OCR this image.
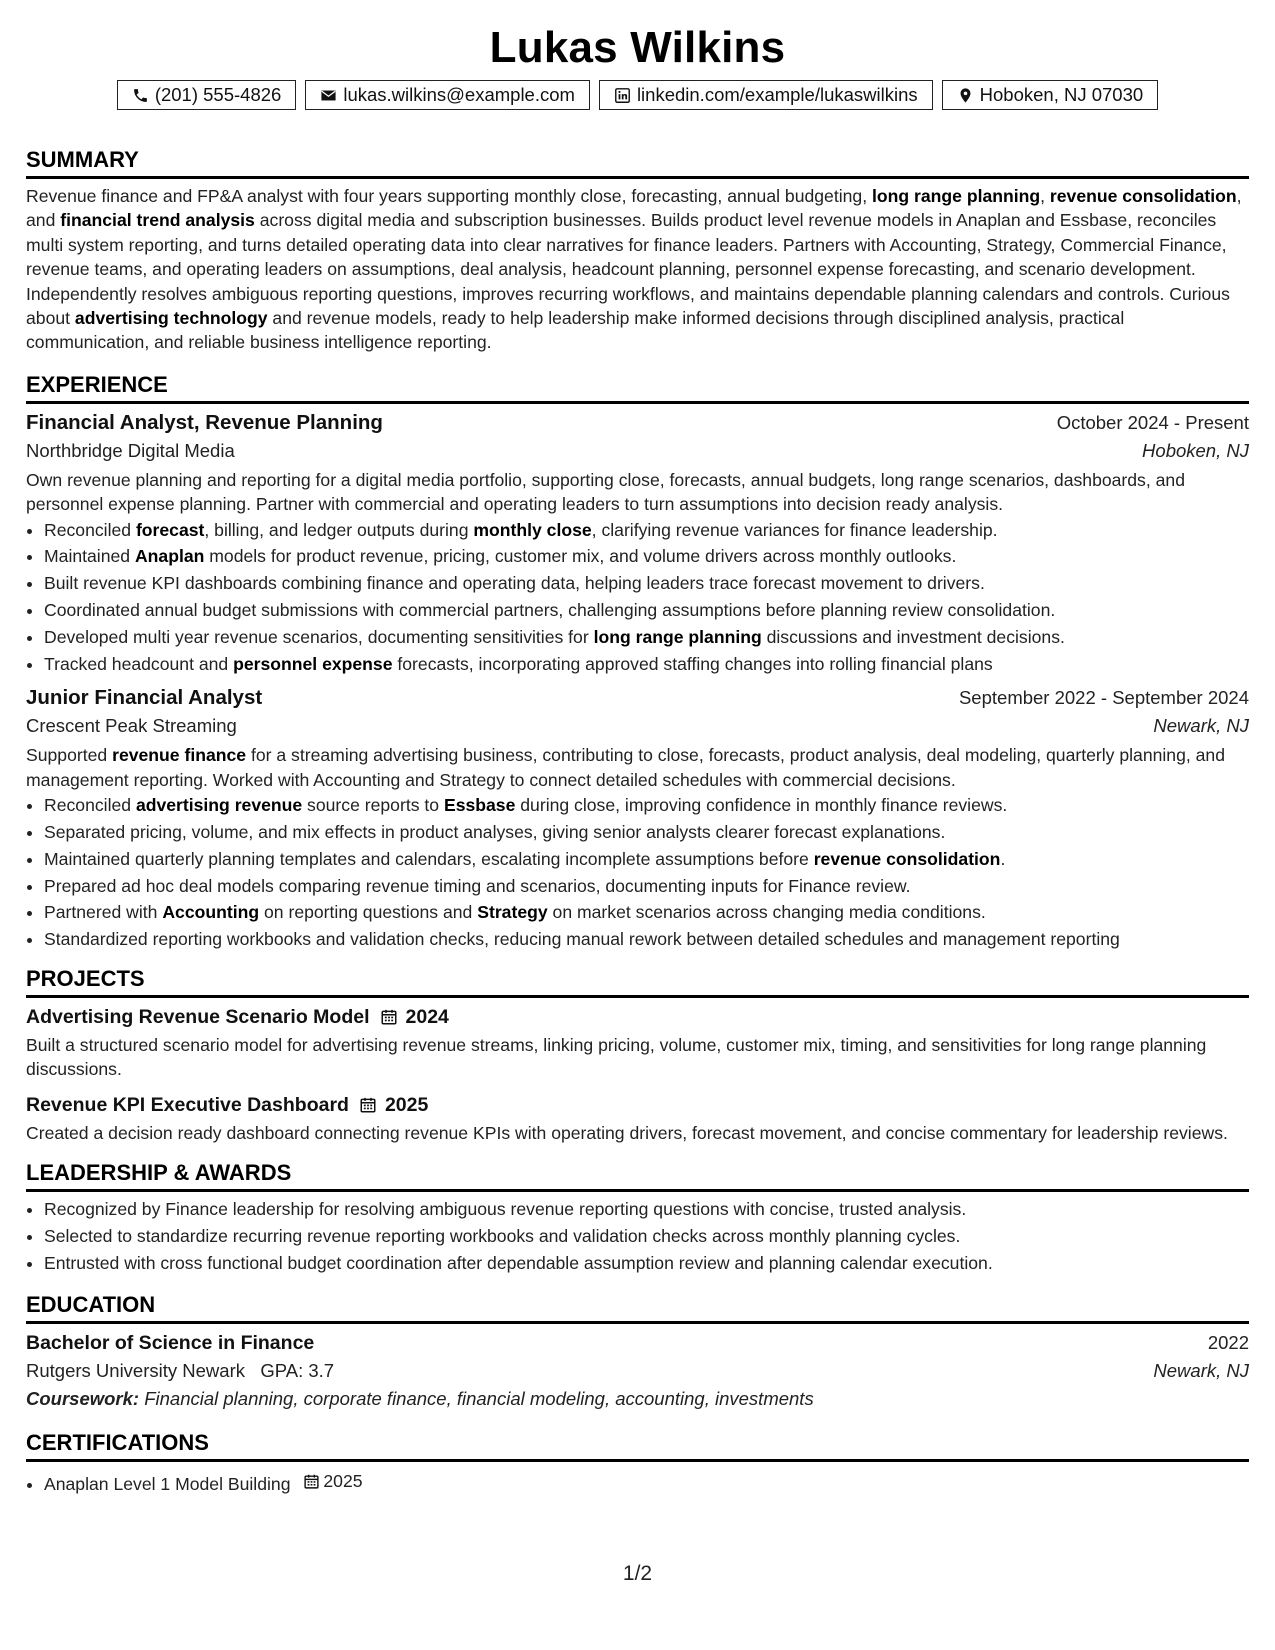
Lukas Wilkins
(201) 555-4826	lukas.wilkins@example.com	linkedin.com/example/lukaswilkins	Hoboken, NJ 07030
SUMMARY
Revenue finance and FP&A analyst with four years supporting monthly close, forecasting, annual budgeting, long range planning, revenue consolidation, and financial trend analysis across digital media and subscription businesses. Builds product level revenue models in Anaplan and Essbase, reconciles multi system reporting, and turns detailed operating data into clear narratives for finance leaders. Partners with Accounting, Strategy, Commercial Finance, revenue teams, and operating leaders on assumptions, deal analysis, headcount planning, personnel expense forecasting, and scenario development. Independently resolves ambiguous reporting questions, improves recurring workflows, and maintains dependable planning calendars and controls. Curious about advertising technology and revenue models, ready to help leadership make informed decisions through disciplined analysis, practical communication, and reliable business intelligence reporting.
EXPERIENCE
Financial Analyst, Revenue Planning	October 2024 - Present
Northbridge Digital Media	Hoboken, NJ
Own revenue planning and reporting for a digital media portfolio, supporting close, forecasts, annual budgets, long range scenarios, dashboards, and personnel expense planning. Partner with commercial and operating leaders to turn assumptions into decision ready analysis.
• Reconciled forecast, billing, and ledger outputs during monthly close, clarifying revenue variances for finance leadership.
• Maintained Anaplan models for product revenue, pricing, customer mix, and volume drivers across monthly outlooks.
• Built revenue KPI dashboards combining finance and operating data, helping leaders trace forecast movement to drivers.
• Coordinated annual budget submissions with commercial partners, challenging assumptions before planning review consolidation.
• Developed multi year revenue scenarios, documenting sensitivities for long range planning discussions and investment decisions.
• Tracked headcount and personnel expense forecasts, incorporating approved staffing changes into rolling financial plans
Junior Financial Analyst	September 2022 - September 2024
Crescent Peak Streaming	Newark, NJ
Supported revenue finance for a streaming advertising business, contributing to close, forecasts, product analysis, deal modeling, quarterly planning, and management reporting. Worked with Accounting and Strategy to connect detailed schedules with commercial decisions.
• Reconciled advertising revenue source reports to Essbase during close, improving confidence in monthly finance reviews.
• Separated pricing, volume, and mix effects in product analyses, giving senior analysts clearer forecast explanations.
• Maintained quarterly planning templates and calendars, escalating incomplete assumptions before revenue consolidation.
• Prepared ad hoc deal models comparing revenue timing and scenarios, documenting inputs for Finance review.
• Partnered with Accounting on reporting questions and Strategy on market scenarios across changing media conditions.
• Standardized reporting workbooks and validation checks, reducing manual rework between detailed schedules and management reporting
PROJECTS
Advertising Revenue Scenario Model 2024
Built a structured scenario model for advertising revenue streams, linking pricing, volume, customer mix, timing, and sensitivities for long range planning discussions.
Revenue KPI Executive Dashboard 2025
Created a decision ready dashboard connecting revenue KPIs with operating drivers, forecast movement, and concise commentary for leadership reviews.
LEADERSHIP & AWARDS
• Recognized by Finance leadership for resolving ambiguous revenue reporting questions with concise, trusted analysis.
• Selected to standardize recurring revenue reporting workbooks and validation checks across monthly planning cycles.
• Entrusted with cross functional budget coordination after dependable assumption review and planning calendar execution.
EDUCATION
Bachelor of Science in Finance	2022
Rutgers University Newark GPA: 3.7	Newark, NJ
Coursework: Financial planning, corporate finance, financial modeling, accounting, investments
CERTIFICATIONS
• Anaplan Level 1 Model Building 2025
1/2
